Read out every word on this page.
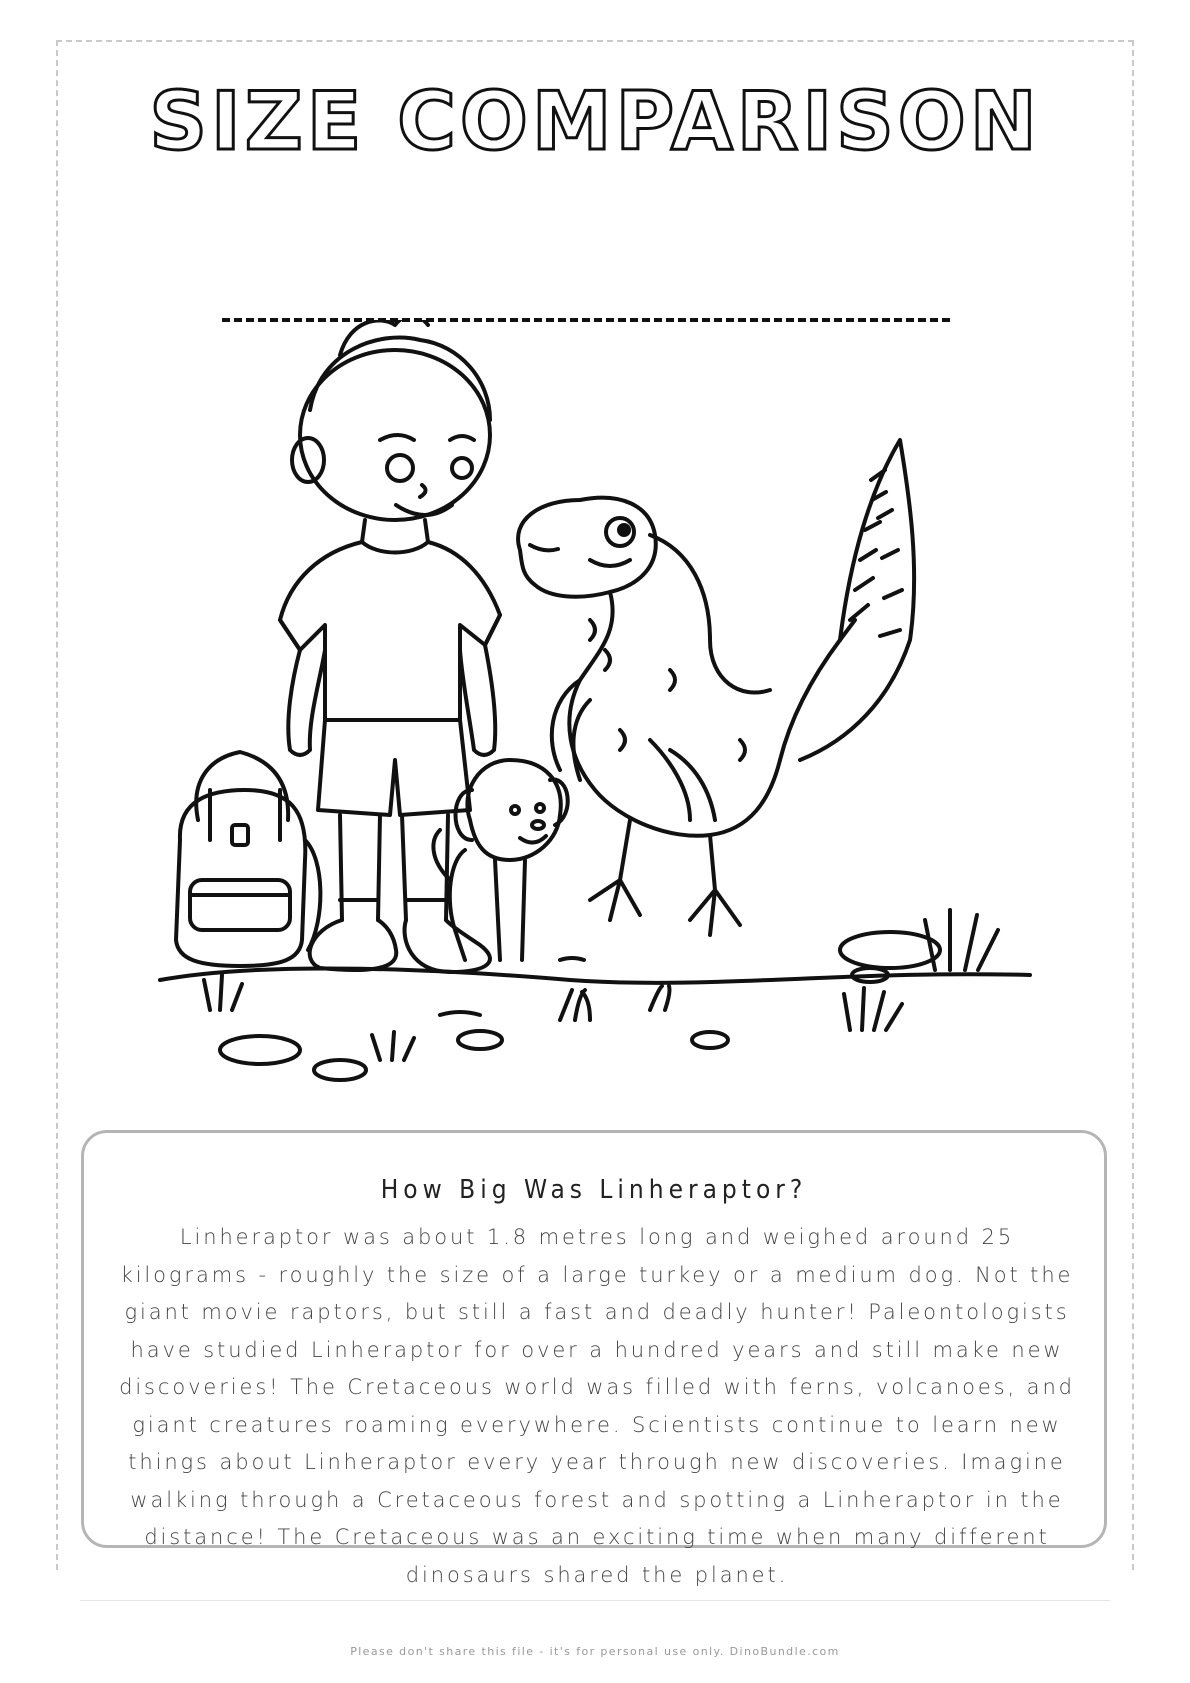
SIZE COMPARISON
How Big Was Linheraptor?
Linheraptor was about 1.8 metres long and weighed around 25 kilograms - roughly the size of a large turkey or a medium dog. Not the giant movie raptors, but still a fast and deadly hunter! Paleontologists have studied Linheraptor for over a hundred years and still make new discoveries! The Cretaceous world was filled with ferns, volcanoes, and giant creatures roaming everywhere. Scientists continue to learn new things about Linheraptor every year through new discoveries. Imagine walking through a Cretaceous forest and spotting a Linheraptor in the distance! The Cretaceous was an exciting time when many different dinosaurs shared the planet.
Please don't share this file - it's for personal use only. DinoBundle.com
